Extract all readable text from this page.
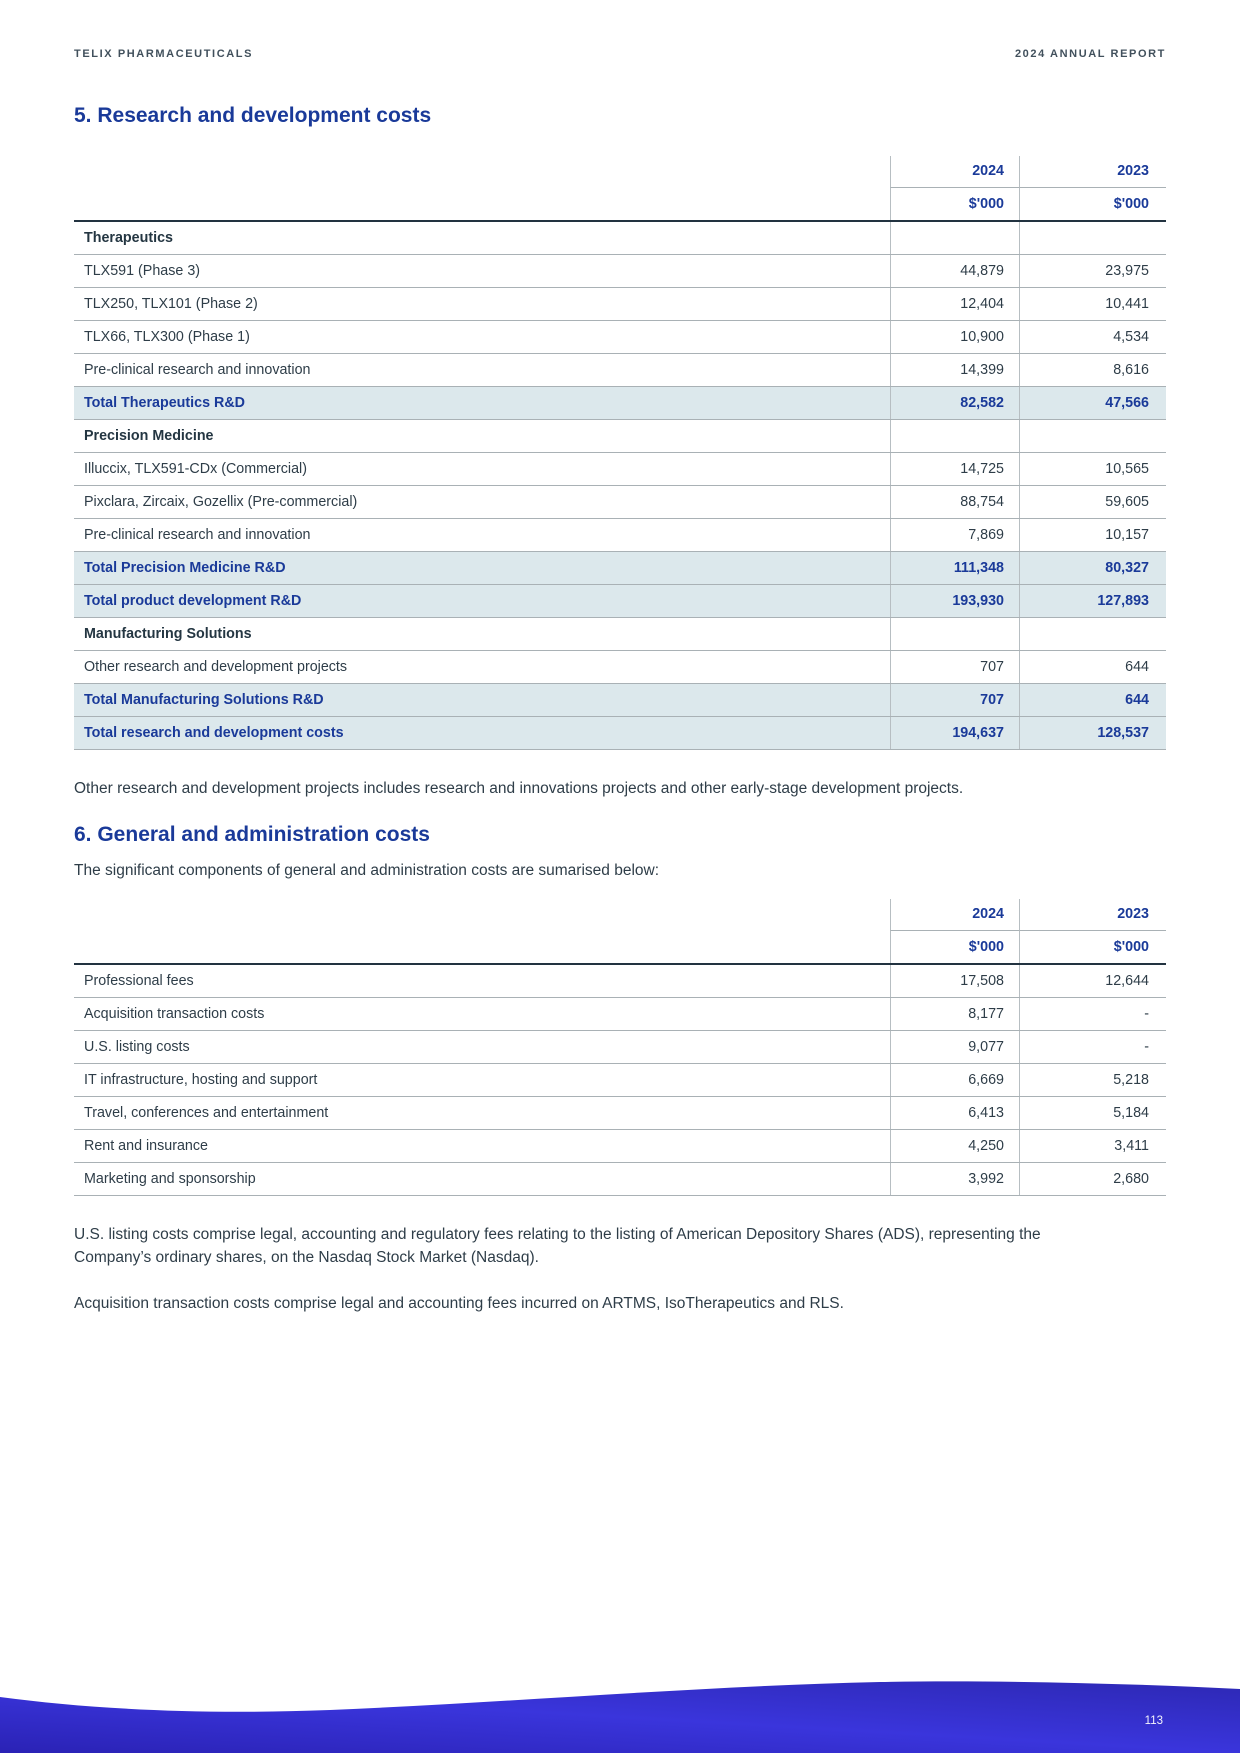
TELIX PHARMACEUTICALS	2024 ANNUAL REPORT
5. Research and development costs
2024	2023
$'000	$'000
Therapeutics
TLX591 (Phase 3)	44,879	23,975
TLX250, TLX101 (Phase 2)	12,404	10,441
TLX66, TLX300 (Phase 1)	10,900	4,534
Pre-clinical research and innovation	14,399	8,616
Total Therapeutics R&D	82,582	47,566
Precision Medicine
Illuccix, TLX591-CDx (Commercial)	14,725	10,565
Pixclara, Zircaix, Gozellix (Pre-commercial)	88,754	59,605
Pre-clinical research and innovation	7,869	10,157
Total Precision Medicine R&D	111,348	80,327
Total product development R&D	193,930	127,893
Manufacturing Solutions
Other research and development projects	707	644
Total Manufacturing Solutions R&D	707	644
Total research and development costs	194,637	128,537

Other research and development projects includes research and innovations projects and other early-stage development projects.

6. General and administration costs

The significant components of general and administration costs are sumarised below:

2024	2023
$'000	$'000
Professional fees	17,508	12,644
Acquisition transaction costs	8,177	-
U.S. listing costs	9,077	-
IT infrastructure, hosting and support	6,669	5,218
Travel, conferences and entertainment	6,413	5,184
Rent and insurance	4,250	3,411
Marketing and sponsorship	3,992	2,680

U.S. listing costs comprise legal, accounting and regulatory fees relating to the listing of American Depository Shares (ADS), representing the Company’s ordinary shares, on the Nasdaq Stock Market (Nasdaq).

Acquisition transaction costs comprise legal and accounting fees incurred on ARTMS, IsoTherapeutics and RLS.

113
